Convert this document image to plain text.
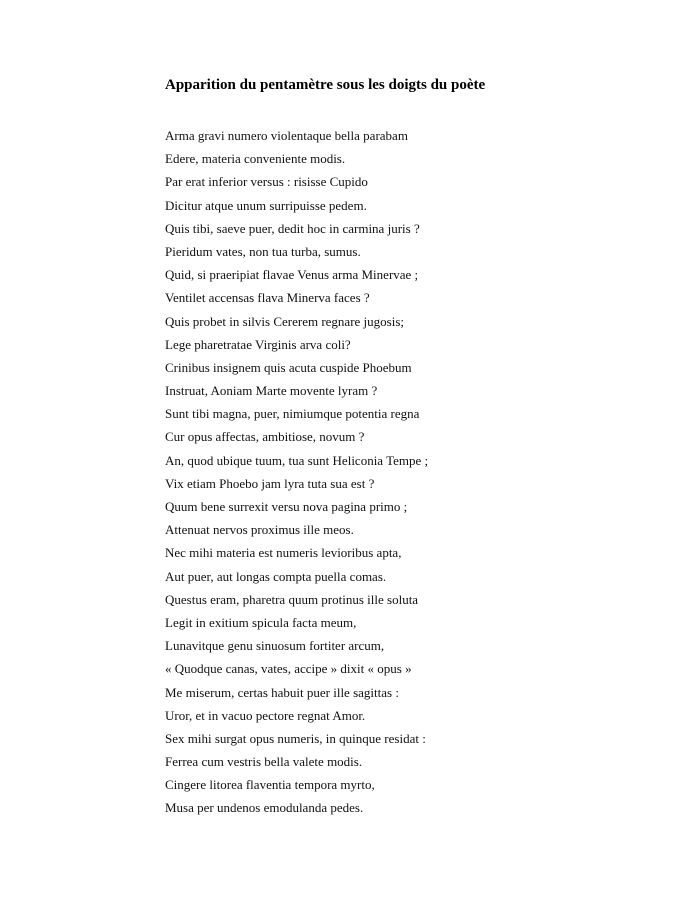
Apparition du pentamètre sous les doigts du poète
Arma gravi numero violentaque bella parabam
Edere, materia conveniente modis.
Par erat inferior versus : risisse Cupido
Dicitur atque unum surripuisse pedem.
Quis tibi, saeve puer, dedit hoc in carmina juris ?
Pieridum vates, non tua turba, sumus.
Quid, si praeripiat flavae Venus arma Minervae ;
Ventilet accensas flava Minerva faces ?
Quis probet in silvis Cererem regnare jugosis;
Lege pharetratae Virginis arva coli?
Crinibus insignem quis acuta cuspide Phoebum
Instruat, Aoniam Marte movente lyram ?
Sunt tibi magna, puer, nimiumque potentia regna
Cur opus affectas, ambitiose, novum ?
An, quod ubique tuum, tua sunt Heliconia Tempe ;
Vix etiam Phoebo jam lyra tuta sua est ?
Quum bene surrexit versu nova pagina primo ;
Attenuat nervos proximus ille meos.
Nec mihi materia est numeris levioribus apta,
Aut puer, aut longas compta puella comas.
Questus eram, pharetra quum protinus ille soluta
Legit in exitium spicula facta meum,
Lunavitque genu sinuosum fortiter arcum,
« Quodque canas, vates, accipe » dixit « opus »
Me miserum, certas habuit puer ille sagittas :
Uror, et in vacuo pectore regnat Amor.
Sex mihi surgat opus numeris, in quinque residat :
Ferrea cum vestris bella valete modis.
Cingere litorea flaventia tempora myrto,
Musa per undenos emodulanda pedes.
